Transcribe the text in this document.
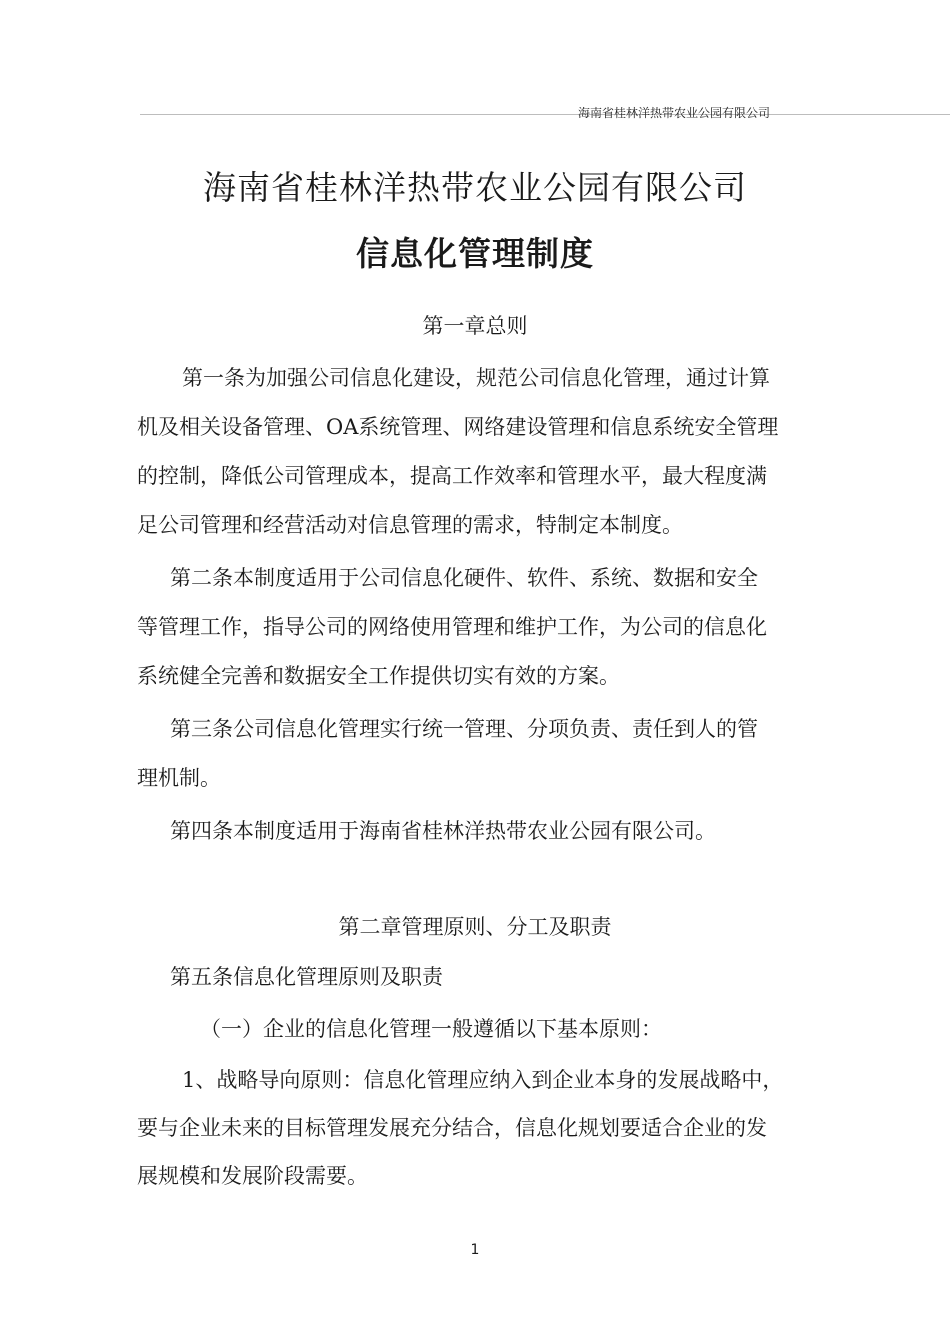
海南省桂林洋热带农业公园有限公司
海南省桂林洋热带农业公园有限公司
信息化管理制度
第一章总则
第一条为加强公司信息化建设，规范公司信息化管理，通过计算
机及相关设备管理、OA系统管理、网络建设管理和信息系统安全管理
的控制，降低公司管理成本，提高工作效率和管理水平，最大程度满
足公司管理和经营活动对信息管理的需求，特制定本制度。
第二条本制度适用于公司信息化硬件、软件、系统、数据和安全
等管理工作，指导公司的网络使用管理和维护工作，为公司的信息化
系统健全完善和数据安全工作提供切实有效的方案。
第三条公司信息化管理实行统一管理、分项负责、责任到人的管
理机制。
第四条本制度适用于海南省桂林洋热带农业公园有限公司。
第二章管理原则、分工及职责
第五条信息化管理原则及职责
（一）企业的信息化管理一般遵循以下基本原则：
1、战略导向原则：信息化管理应纳入到企业本身的发展战略中，
要与企业未来的目标管理发展充分结合，信息化规划要适合企业的发
展规模和发展阶段需要。
1
